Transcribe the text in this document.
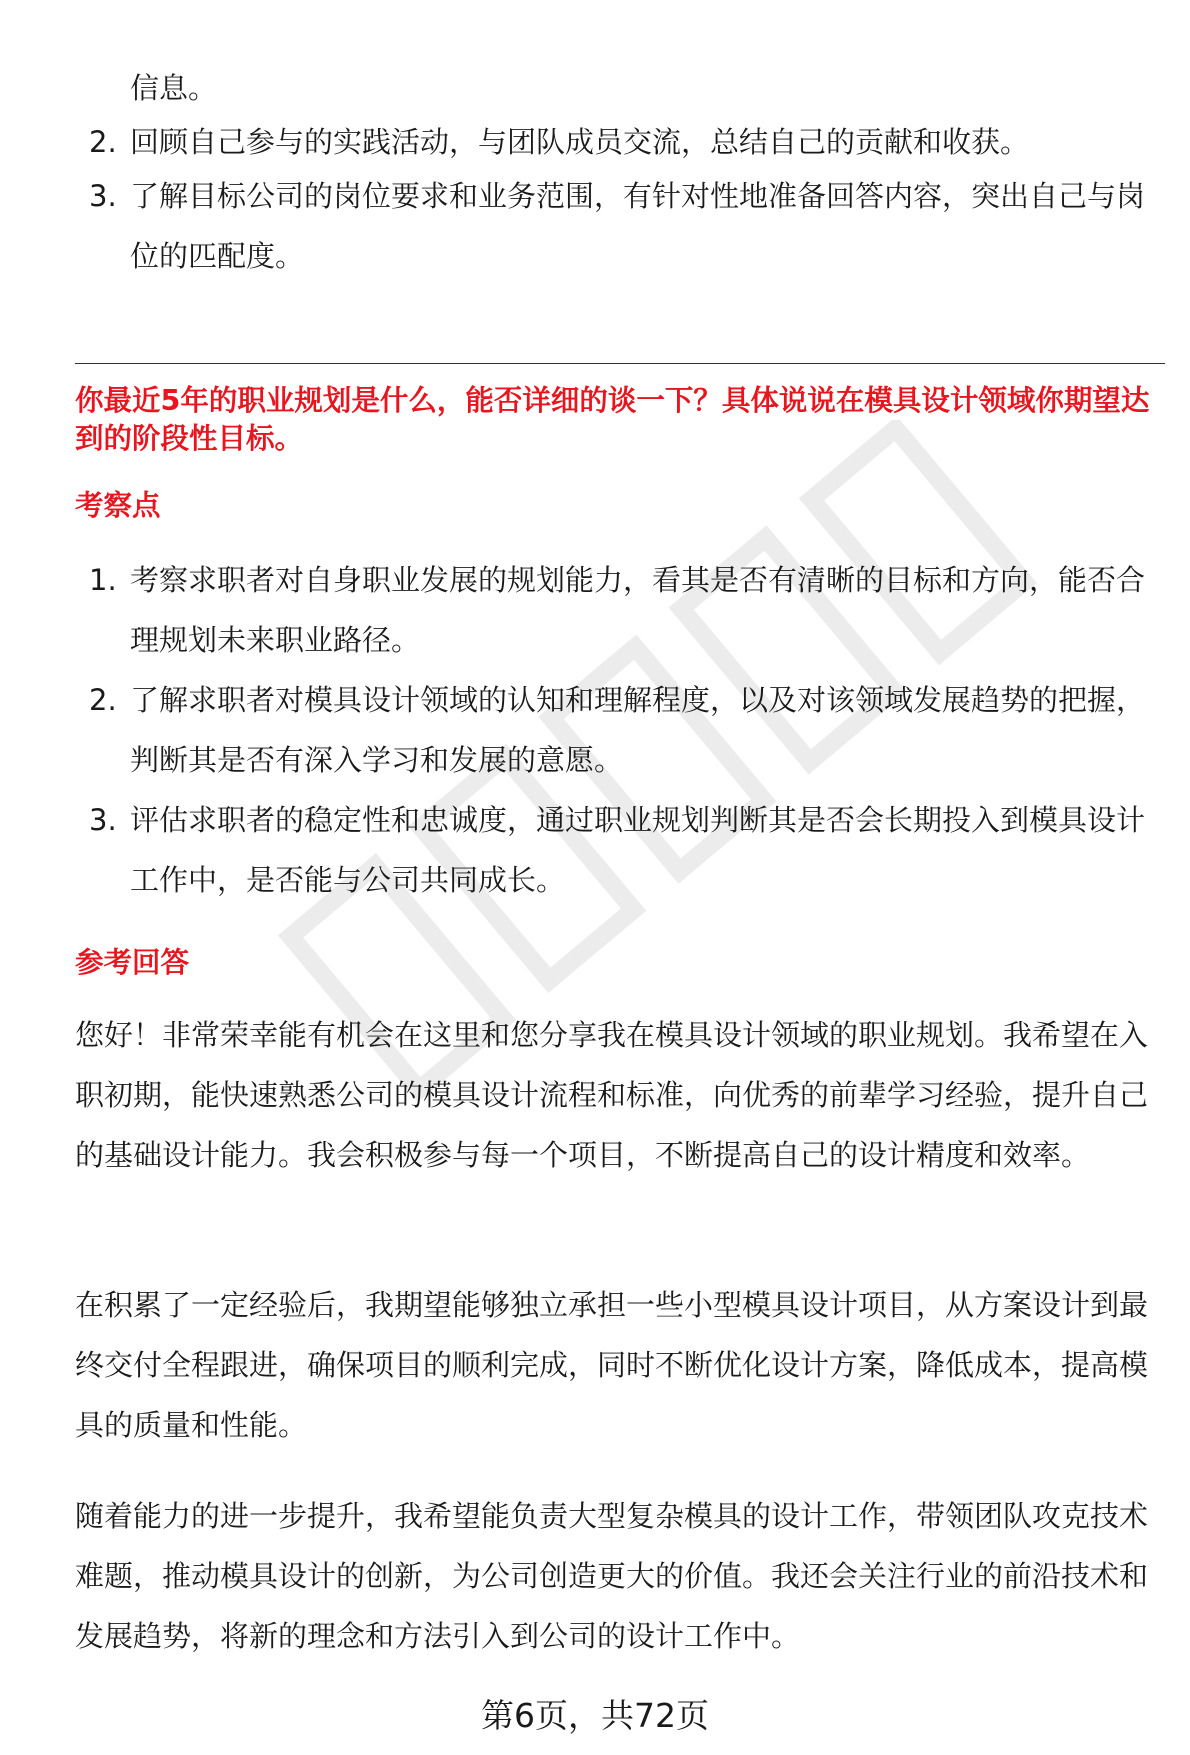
信息。
2. 回顾自己参与的实践活动，与团队成员交流，总结自己的贡献和收获。
3. 了解目标公司的岗位要求和业务范围，有针对性地准备回答内容，突出自己与岗位的匹配度。
你最近5年的职业规划是什么，能否详细的谈一下？具体说说在模具设计领域你期望达到的阶段性目标。
考察点
1. 考察求职者对自身职业发展的规划能力，看其是否有清晰的目标和方向，能否合理规划未来职业路径。
2. 了解求职者对模具设计领域的认知和理解程度，以及对该领域发展趋势的把握，判断其是否有深入学习和发展的意愿。
3. 评估求职者的稳定性和忠诚度，通过职业规划判断其是否会长期投入到模具设计工作中，是否能与公司共同成长。
参考回答
您好！非常荣幸能有机会在这里和您分享我在模具设计领域的职业规划。我希望在入职初期，能快速熟悉公司的模具设计流程和标准，向优秀的前辈学习经验，提升自己的基础设计能力。我会积极参与每一个项目，不断提高自己的设计精度和效率。
在积累了一定经验后，我期望能够独立承担一些小型模具设计项目，从方案设计到最终交付全程跟进，确保项目的顺利完成，同时不断优化设计方案，降低成本，提高模具的质量和性能。
随着能力的进一步提升，我希望能负责大型复杂模具的设计工作，带领团队攻克技术难题，推动模具设计的创新，为公司创造更大的价值。我还会关注行业的前沿技术和发展趋势，将新的理念和方法引入到公司的设计工作中。
第6页，共72页
